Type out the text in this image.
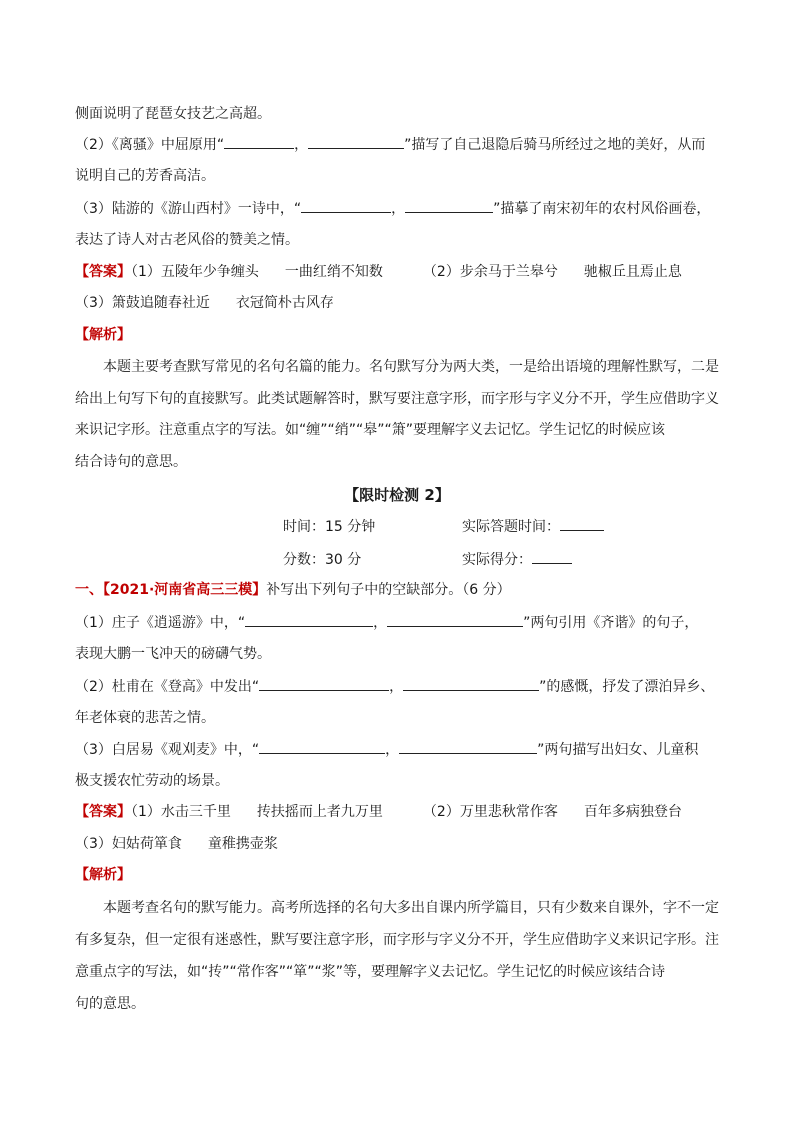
侧面说明了琵琶女技艺之高超。
（2）《离骚》中屈原用“	，	”描写了自己退隐后骑马所经过之地的美好，从而
说明自己的芳香高洁。
（3）陆游的《游山西村》一诗中，“	，	”描摹了南宋初年的农村风俗画卷，
表达了诗人对古老风俗的赞美之情。
【答案】（1）五陵年少争缠头 一曲红绡不知数	（2）步余马于兰皋兮 驰椒丘且焉止息
（3）箫鼓追随春社近 衣冠简朴古风存
【解析】
本题主要考查默写常见的名句名篇的能力。名句默写分为两大类，一是给出语境的理解性默写，二是
给出上句写下句的直接默写。此类试题解答时，默写要注意字形，而字形与字义分不开，学生应借助字义
来识记字形。注意重点字的写法。如“缠”“绡”“皋”“箫”要理解字义去记忆。学生记忆的时候应该
结合诗句的意思。
【限时检测 2】
时间：15 分钟	实际答题时间：
分数：30 分	实际得分：
一、【2021·河南省高三三模】补写出下列句子中的空缺部分。（6 分）
（1）庄子《逍遥游》中，“	，	”两句引用《齐谐》的句子，
表现大鹏一飞冲天的磅礴气势。
（2）杜甫在《登高》中发出“	，	”的感慨，抒发了漂泊异乡、
年老体衰的悲苦之情。
（3）白居易《观刈麦》中，“	，	”两句描写出妇女、儿童积
极支援农忙劳动的场景。
【答案】（1）水击三千里 抟扶摇而上者九万里	（2）万里悲秋常作客 百年多病独登台
（3）妇姑荷箪食 童稚携壶浆
【解析】
本题考查名句的默写能力。高考所选择的名句大多出自课内所学篇目，只有少数来自课外，字不一定
有多复杂，但一定很有迷惑性，默写要注意字形，而字形与字义分不开，学生应借助字义来识记字形。注
意重点字的写法，如“抟”“常作客”“箪”“浆”等，要理解字义去记忆。学生记忆的时候应该结合诗
句的意思。
